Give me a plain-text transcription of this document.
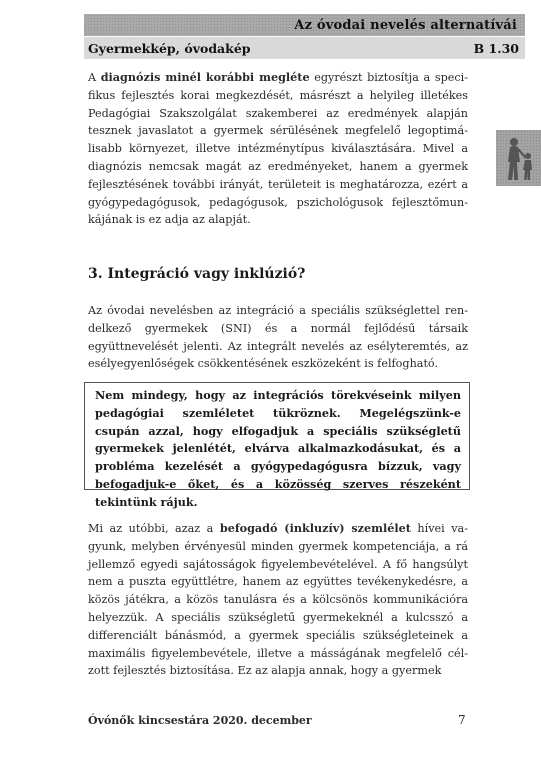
Az óvodai nevelés alternatívái
Gyermekkép, óvodakép	B 1.30

A diagnózis minél korábbi megléte egyrészt biztosítja a specifikus fejlesztés korai megkezdését, másrészt a helyileg illetékes Pedagógiai Szakszolgálat szakemberei az eredmények alapján tesznek javaslatot a gyermek sérülésének megfelelő legoptimálisabb környezet, illetve intézménytípus kiválasztására. Mivel a diagnózis nemcsak magát az eredményeket, hanem a gyermek fejlesztésének további irányát, területeit is meghatározza, ezért a gyógypedagógusok, pedagógusok, pszichológusok fejlesztőmunkájának is ez adja az alapját.

3. Integráció vagy inklúzió?

Az óvodai nevelésben az integráció a speciális szükséglettel rendelkező gyermekek (SNI) és a normál fejlődésű társaik együttnevelését jelenti. Az integrált nevelés az esélyteremtés, az esélyegyenlőségek csökkentésének eszközeként is felfogható.

Nem mindegy, hogy az integrációs törekvéseink milyen pedagógiai szemléletet tükröznek. Megelégszünk-e csupán azzal, hogy elfogadjuk a speciális szükségletű gyermekek jelenlétét, elvárva alkalmazkodásukat, és a probléma kezelését a gyógypedagógusra bízzuk, vagy befogadjuk-e őket, és a közösség szerves részeként tekintünk rájuk.

Mi az utóbbi, azaz a befogadó (inkluzív) szemlélet hívei vagyunk, melyben érvényesül minden gyermek kompetenciája, a rá jellemző egyedi sajátosságok figyelembevételével. A fő hangsúlyt nem a puszta együttlétre, hanem az együttes tevékenykedésre, a közös játékra, a közös tanulásra és a kölcsönös kommunikációra helyezzük. A speciális szükségletű gyermekeknél a kulcsszó a differenciált bánásmód, a gyermek speciális szükségleteinek a maximális figyelembevétele, illetve a másságának megfelelő célzott fejlesztés biztosítása. Ez az alapja annak, hogy a gyermek

Óvónők kincsestára 2020. december	7
